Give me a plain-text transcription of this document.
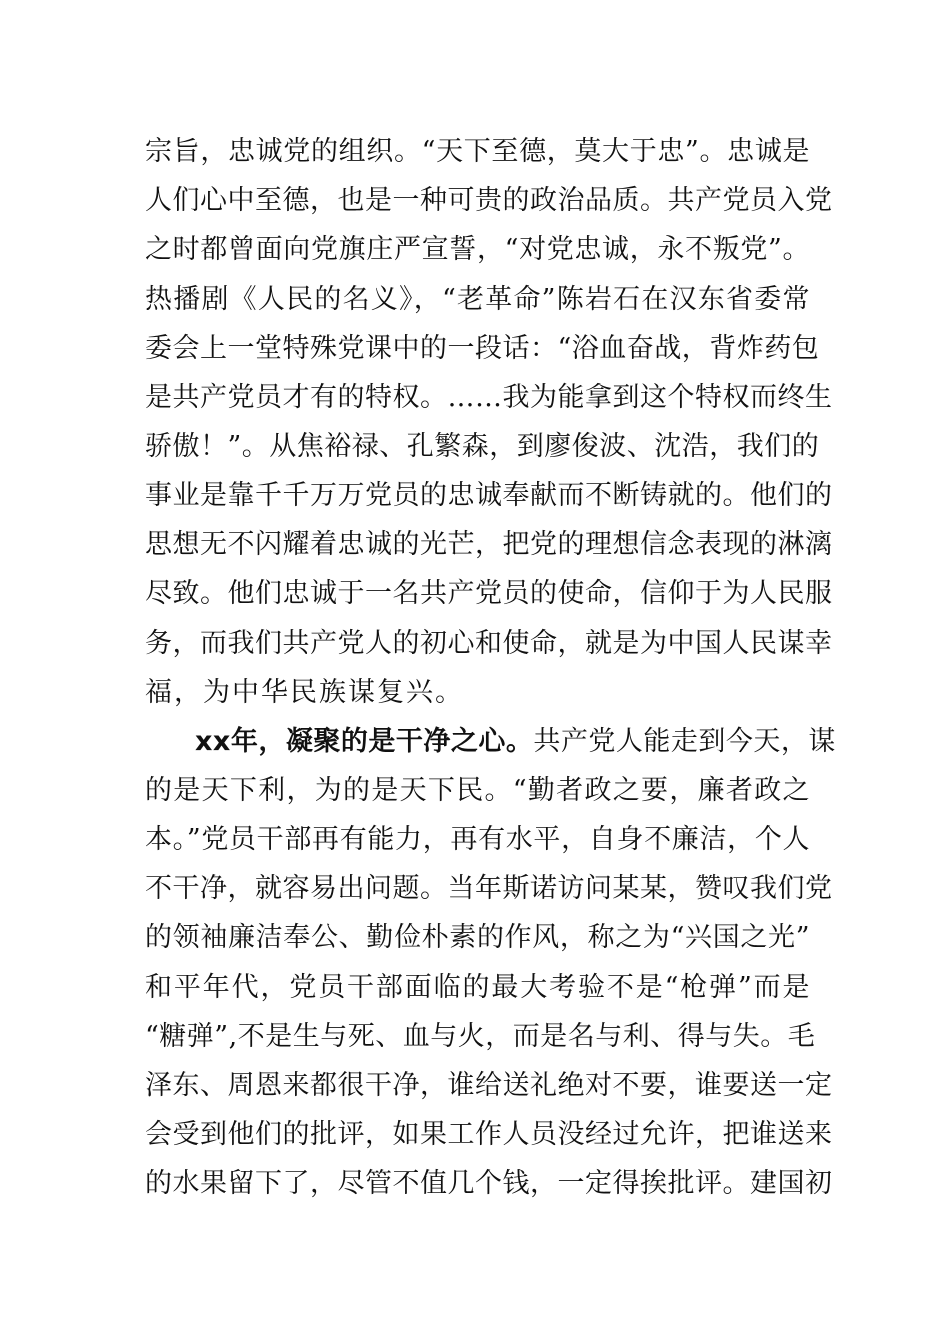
宗旨，忠诚党的组织。“天下至德，莫大于忠”。忠诚是
人们心中至德，也是一种可贵的政治品质。共产党员入党
之时都曾面向党旗庄严宣誓，“对党忠诚，永不叛党”。
热播剧《人民的名义》，“老革命”陈岩石在汉东省委常
委会上一堂特殊党课中的一段话：“浴血奋战，背炸药包
是共产党员才有的特权。……我为能拿到这个特权而终生
骄傲！”。从焦裕禄、孔繁森，到廖俊波、沈浩，我们的
事业是靠千千万万党员的忠诚奉献而不断铸就的。他们的
思想无不闪耀着忠诚的光芒，把党的理想信念表现的淋漓
尽致。他们忠诚于一名共产党员的使命，信仰于为人民服
务，而我们共产党人的初心和使命，就是为中国人民谋幸
福，为中华民族谋复兴。
xx年，凝聚的是干净之心。共产党人能走到今天，谋
的是天下利，为的是天下民。“勤者政之要，廉者政之
本。”党员干部再有能力，再有水平，自身不廉洁，个人
不干净，就容易出问题。当年斯诺访问某某，赞叹我们党
的领袖廉洁奉公、勤俭朴素的作风，称之为“兴国之光”
和平年代，党员干部面临的最大考验不是“枪弹”而是
“糖弹”,不是生与死、血与火，而是名与利、得与失。毛
泽东、周恩来都很干净，谁给送礼绝对不要，谁要送一定
会受到他们的批评，如果工作人员没经过允许，把谁送来
的水果留下了，尽管不值几个钱，一定得挨批评。建国初
